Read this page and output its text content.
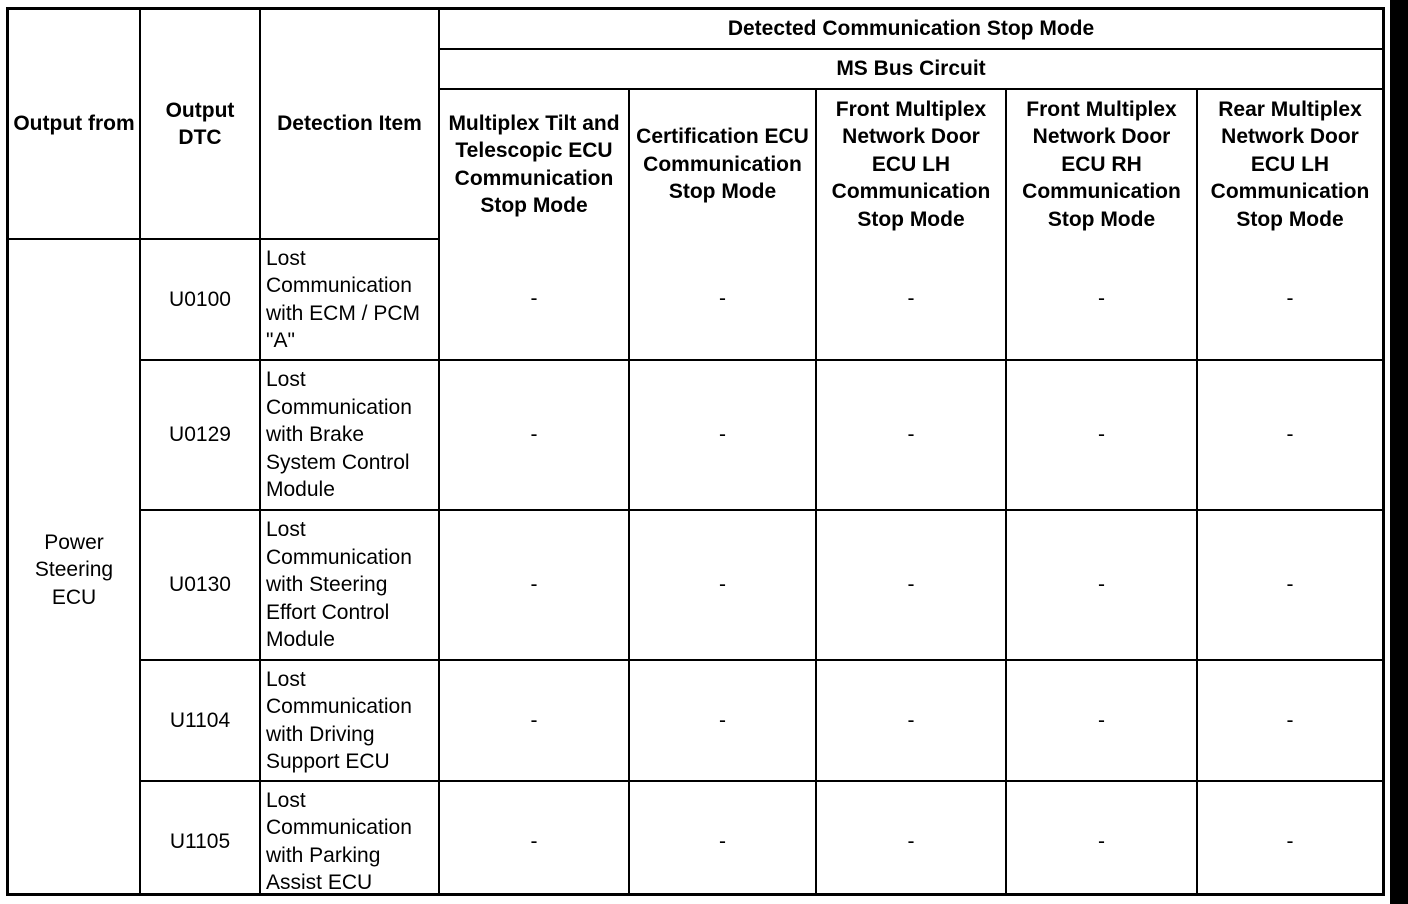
Output from	Output DTC	Detection Item	Detected Communication Stop Mode				
			MS Bus Circuit				
			Multiplex Tilt and Telescopic ECU Communication Stop Mode	Certification ECU Communication Stop Mode	Front Multiplex Network Door ECU LH Communication Stop Mode	Front Multiplex Network Door ECU RH Communication Stop Mode	Rear Multiplex Network Door ECU LH Communication Stop Mode
Power Steering ECU	U0100	Lost Communication with ECM / PCM "A"	-	-	-	-	-
	U0129	Lost Communication with Brake System Control Module	-	-	-	-	-
	U0130	Lost Communication with Steering Effort Control Module	-	-	-	-	-
	U1104	Lost Communication with Driving Support ECU	-	-	-	-	-
	U1105	Lost Communication with Parking Assist ECU	-	-	-	-	-
